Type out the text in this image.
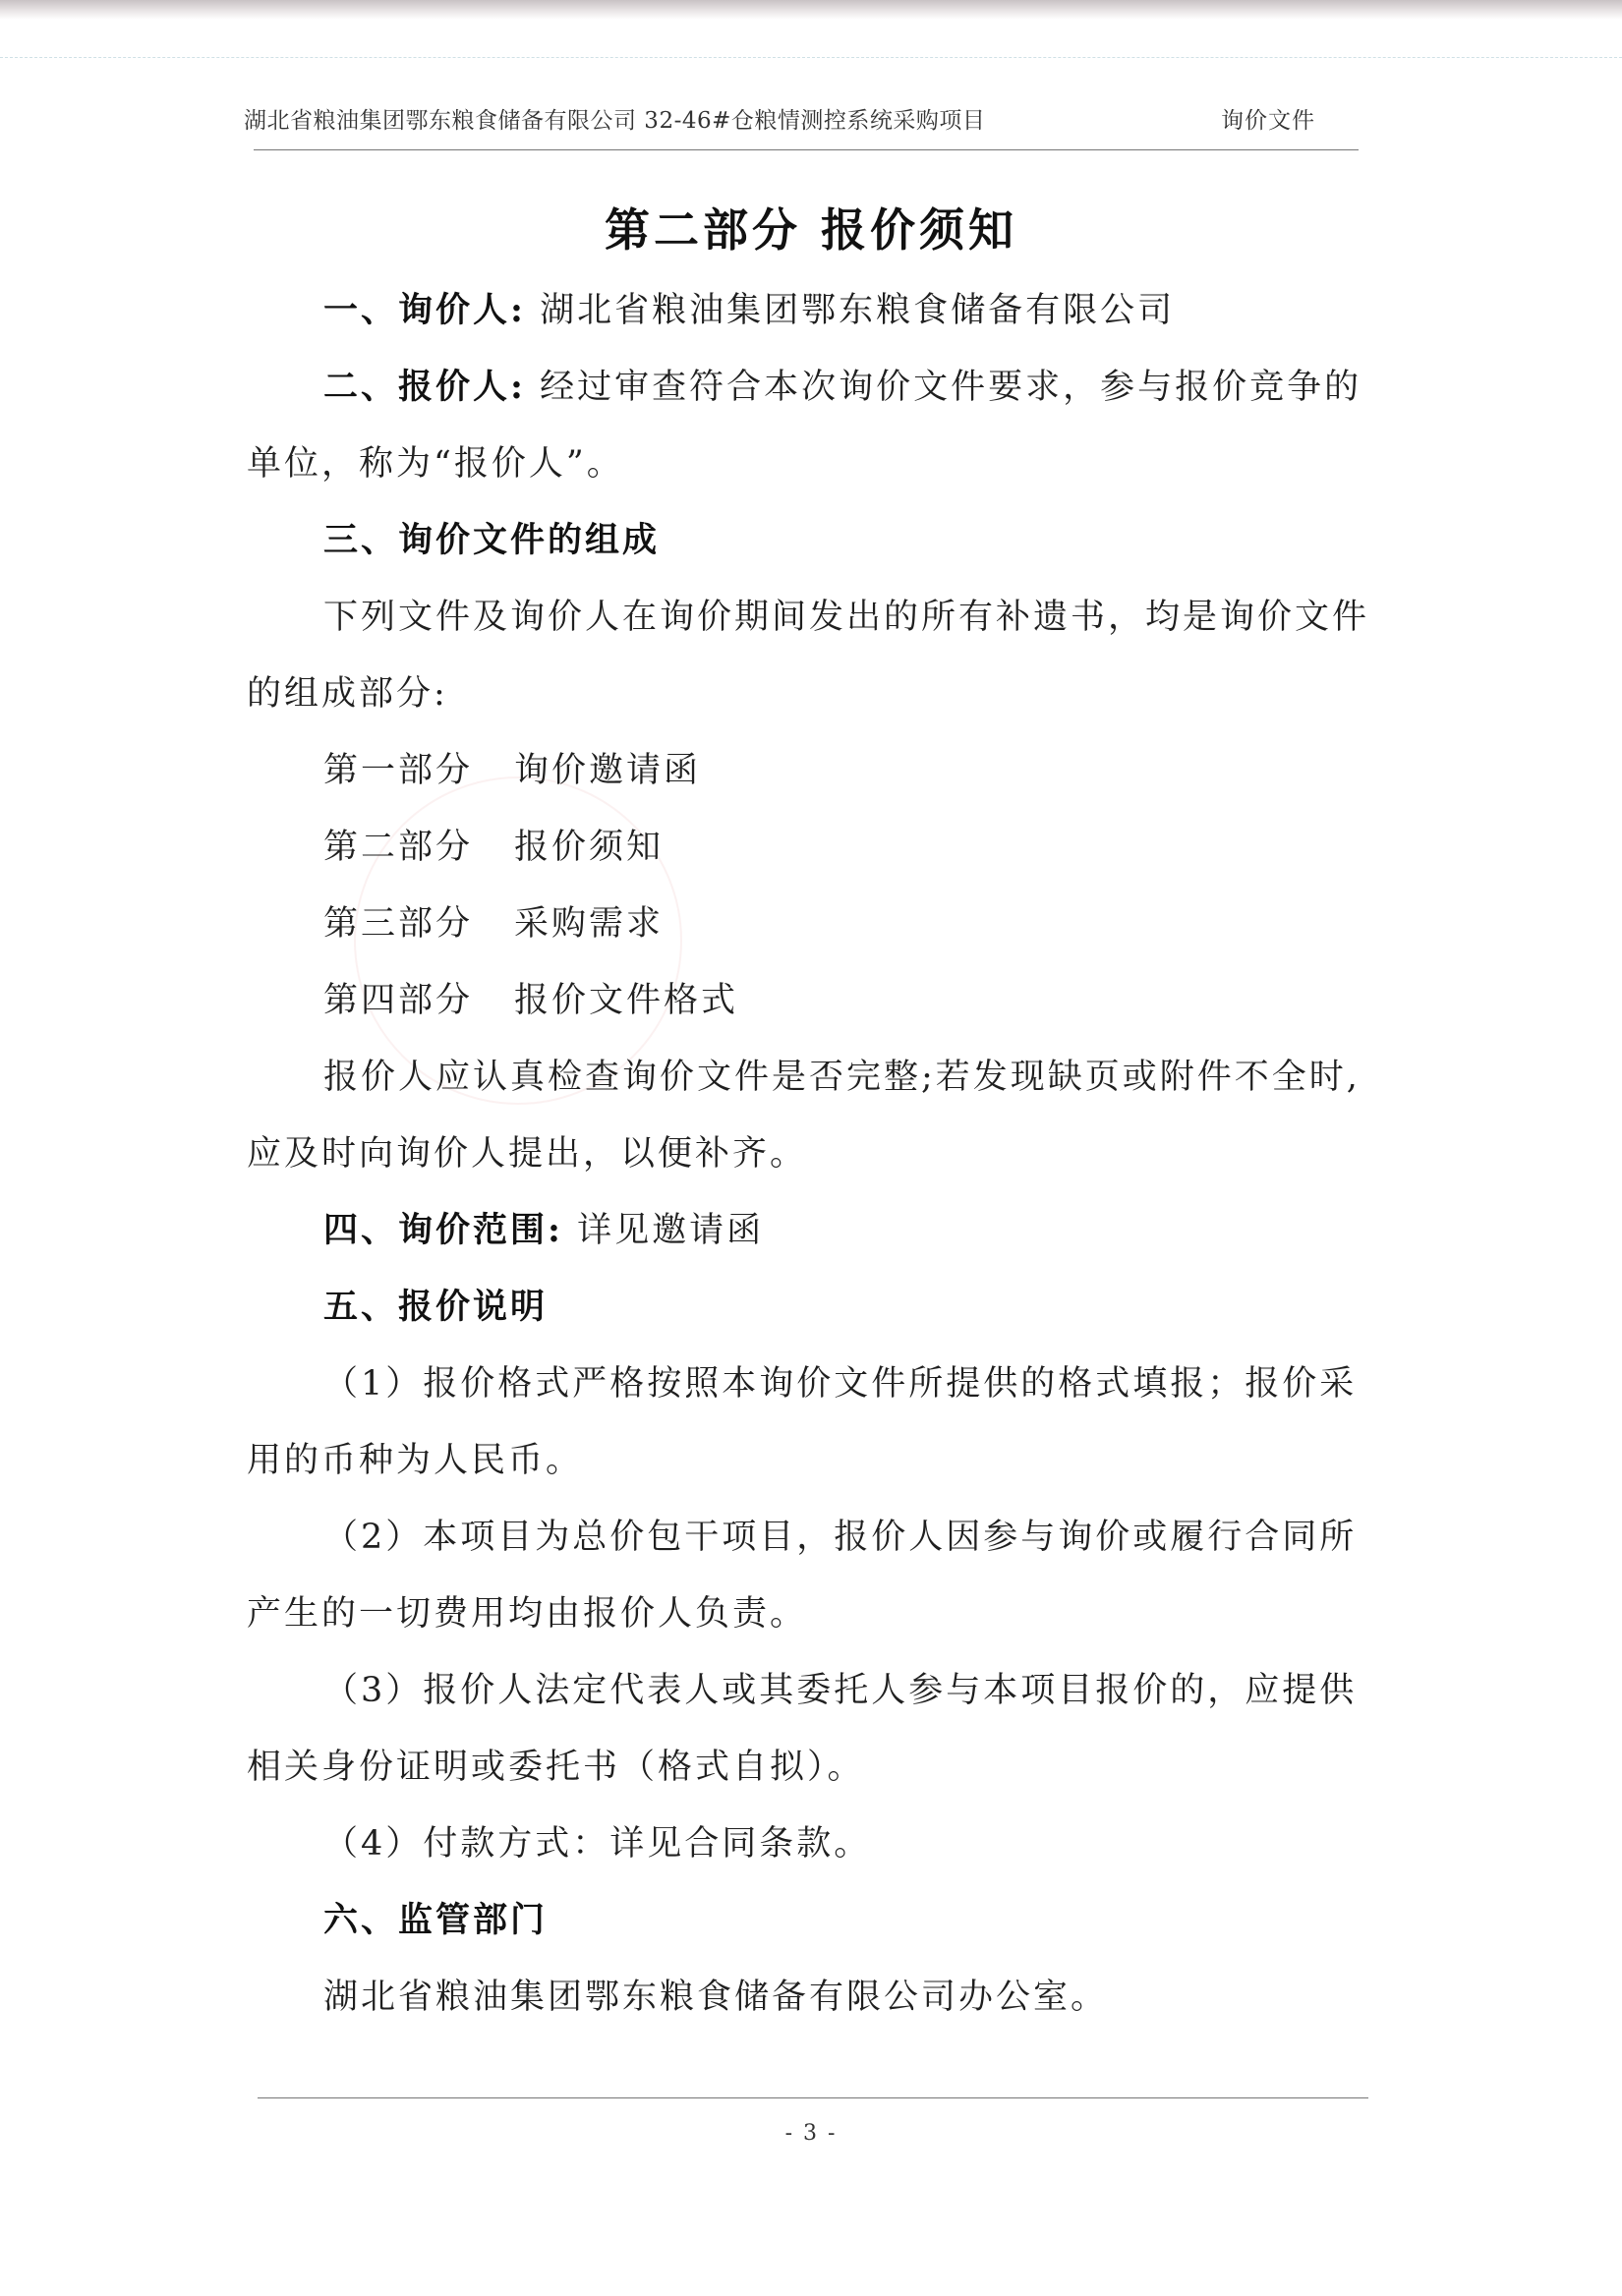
湖北省粮油集团鄂东粮食储备有限公司 32-46#仓粮情测控系统采购项目	询价文件
第二部分 报价须知
一、询价人: 湖北省粮油集团鄂东粮食储备有限公司
二、报价人: 经过审查符合本次询价文件要求，参与报价竞争的
单位，称为“报价人”。
三、询价文件的组成
下列文件及询价人在询价期间发出的所有补遗书，均是询价文件
的组成部分:
第一部分 询价邀请函
第二部分 报价须知
第三部分 采购需求
第四部分 报价文件格式
报价人应认真检查询价文件是否完整;若发现缺页或附件不全时,
应及时向询价人提出，以便补齐。
四、询价范围: 详见邀请函
五、报价说明
（1）报价格式严格按照本询价文件所提供的格式填报；报价采
用的币种为人民币。
（2）本项目为总价包干项目，报价人因参与询价或履行合同所
产生的一切费用均由报价人负责。
（3）报价人法定代表人或其委托人参与本项目报价的，应提供
相关身份证明或委托书（格式自拟）。
（4）付款方式：详见合同条款。
六、监管部门
湖北省粮油集团鄂东粮食储备有限公司办公室。
- 3 -
